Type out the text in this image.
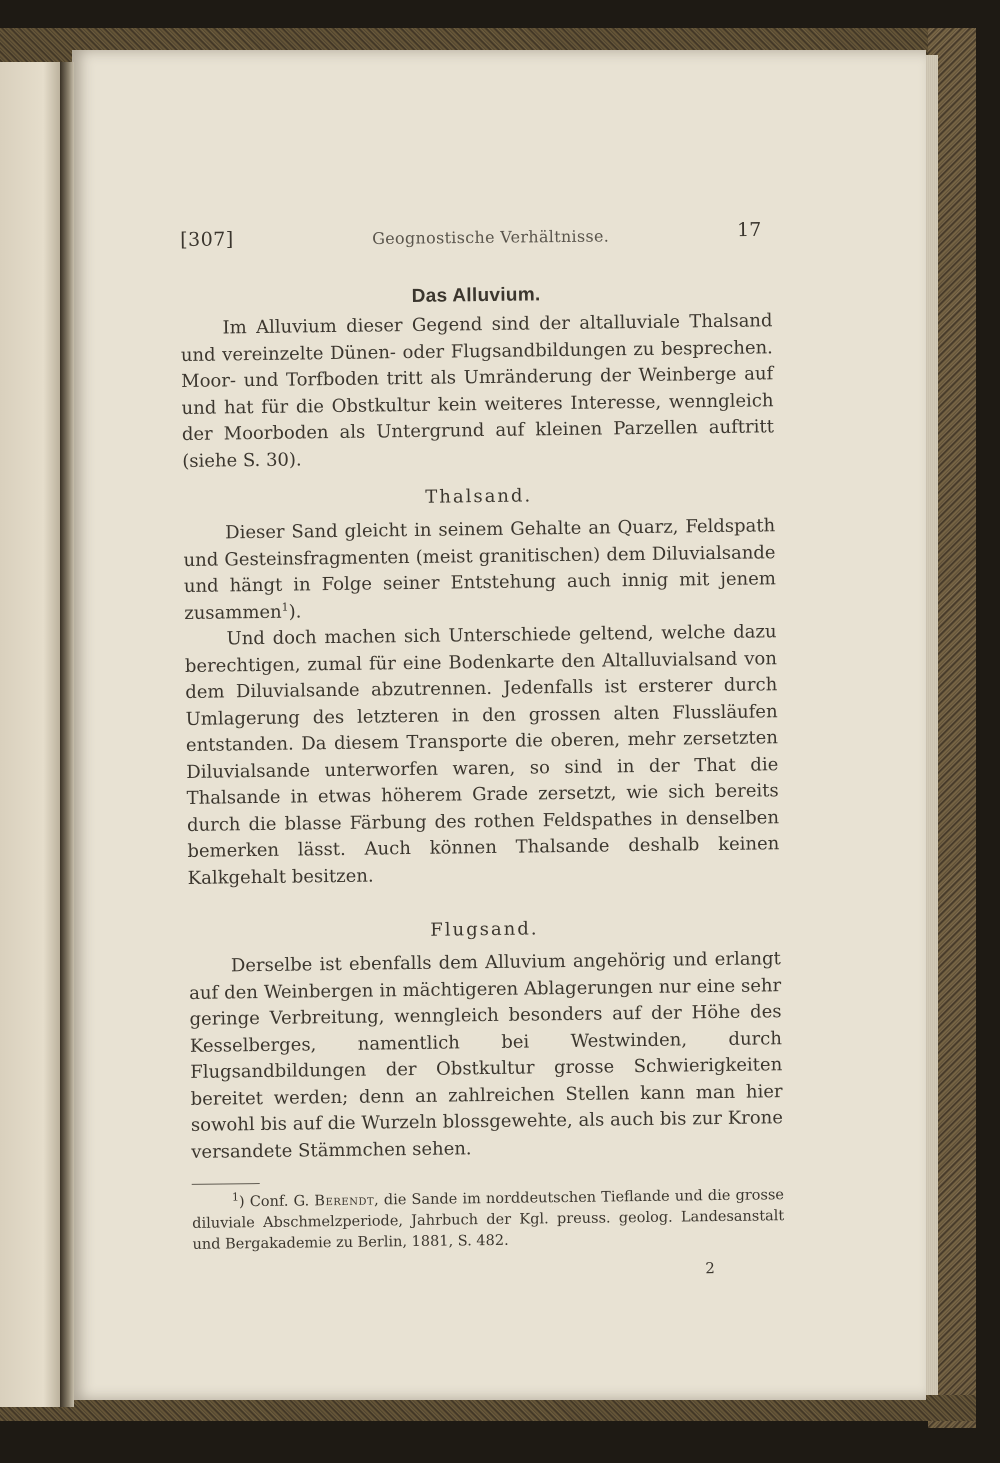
[307]	Geognostische Verhältnisse.	17
Das Alluvium.

Im Alluvium dieser Gegend sind der altalluviale Thalsand und vereinzelte Dünen- oder Flugsandbildungen zu besprechen. Moor- und Torfboden tritt als Umränderung der Weinberge auf und hat für die Obstkultur kein weiteres Interesse, wenngleich der Moorboden als Untergrund auf kleinen Parzellen auftritt (siehe S. 30).

Thalsand.

Dieser Sand gleicht in seinem Gehalte an Quarz, Feldspath und Gesteinsfragmenten (meist granitischen) dem Diluvialsande und hängt in Folge seiner Entstehung auch innig mit jenem zusammen$^1$).

Und doch machen sich Unterschiede geltend, welche dazu berechtigen, zumal für eine Bodenkarte den Altalluvialsand von dem Diluvialsande abzutrennen. Jedenfalls ist ersterer durch Umlagerung des letzteren in den grossen alten Flussläufen entstanden. Da diesem Transporte die oberen, mehr zersetzten Diluvialsande unterworfen waren, so sind in der That die Thalsande in etwas höherem Grade zersetzt, wie sich bereits durch die blasse Färbung des rothen Feldspathes in denselben bemerken lässt. Auch können Thalsande deshalb keinen Kalkgehalt besitzen.

Flugsand.

Derselbe ist ebenfalls dem Alluvium angehörig und erlangt auf den Weinbergen in mächtigeren Ablagerungen nur eine sehr geringe Verbreitung, wenngleich besonders auf der Höhe des Kesselberges, namentlich bei Westwinden, durch Flugsandbildungen der Obstkultur grosse Schwierigkeiten bereitet werden; denn an zahlreichen Stellen kann man hier sowohl bis auf die Wurzeln blossgewehte, als auch bis zur Krone versandete Stämmchen sehen.

$^1$) Conf. G. Berendt, die Sande im norddeutschen Tieflande und die grosse diluviale Abschmelzperiode, Jahrbuch der Kgl. preuss. geolog. Landesanstalt und Bergakademie zu Berlin, 1881, S. 482.

2
